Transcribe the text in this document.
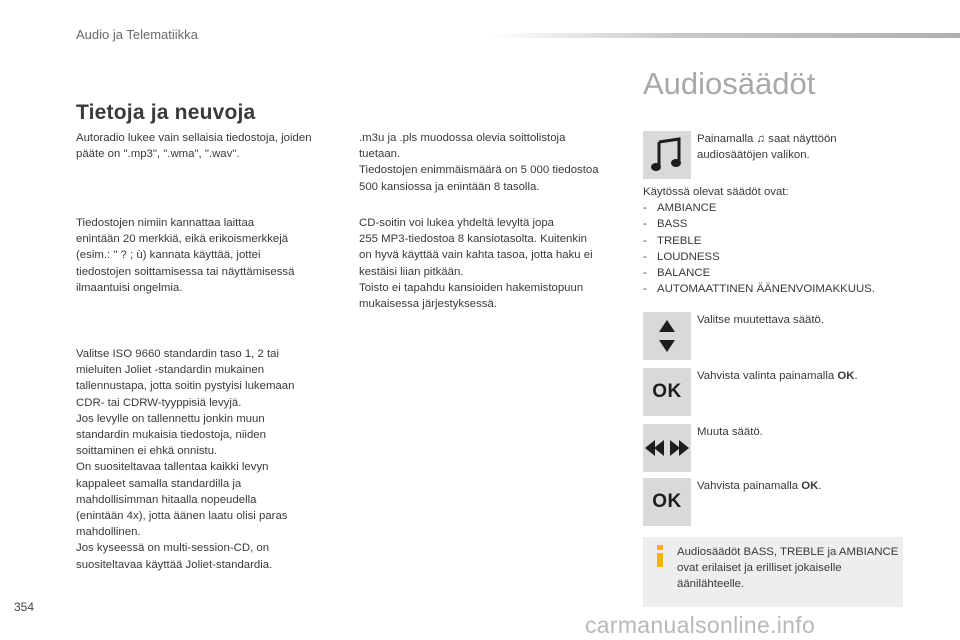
Audio ja Telematiikka
Tietoja ja neuvoja
Autoradio lukee vain sellaisia tiedostoja, joiden
pääte on ".mp3", ".wma", ".wav".
Tiedostojen nimiin kannattaa laittaa
enintään 20 merkkiä, eikä erikoismerkkejä
(esim.: " ? ; ù) kannata käyttää, jottei
tiedostojen soittamisessa tai näyttämisessä
ilmaantuisi ongelmia.
Valitse ISO 9660 standardin taso 1, 2 tai
mieluiten Joliet -standardin mukainen
tallennustapa, jotta soitin pystyisi lukemaan
CDR- tai CDRW-tyyppisiä levyjä.
Jos levylle on tallennettu jonkin muun
standardin mukaisia tiedostoja, niiden
soittaminen ei ehkä onnistu.
On suositeltavaa tallentaa kaikki levyn
kappaleet samalla standardilla ja
mahdollisimman hitaalla nopeudella
(enintään 4x), jotta äänen laatu olisi paras
mahdollinen.
Jos kyseessä on multi-session-CD, on
suositeltavaa käyttää Joliet-standardia.
.m3u ja .pls muodossa olevia soittolistoja
tuetaan.
Tiedostojen enimmäismäärä on 5 000 tiedostoa
500 kansiossa ja enintään 8 tasolla.
CD-soitin voi lukea yhdeltä levyltä jopa
255 MP3-tiedostoa 8 kansiotasolta. Kuitenkin
on hyvä käyttää vain kahta tasoa, jotta haku ei
kestäisi liian pitkään.
Toisto ei tapahdu kansioiden hakemistopuun
mukaisessa järjestyksessä.
Audiosäädöt
Painamalla ♫ saat näyttöön
audiosäätöjen valikon.
Käytössä olevat säädöt ovat:
- AMBIANCE
- BASS
- TREBLE
- LOUDNESS
- BALANCE
- AUTOMAATTINEN ÄÄNENVOIMAKKUUS.
Valitse muutettava säätö.
OK
Vahvista valinta painamalla OK.
Muuta säätö.
OK
Vahvista painamalla OK.
Audiosäädöt BASS, TREBLE ja AMBIANCE ovat erilaiset ja erilliset jokaiselle äänilähteelle.
354
carmanualsonline.info
